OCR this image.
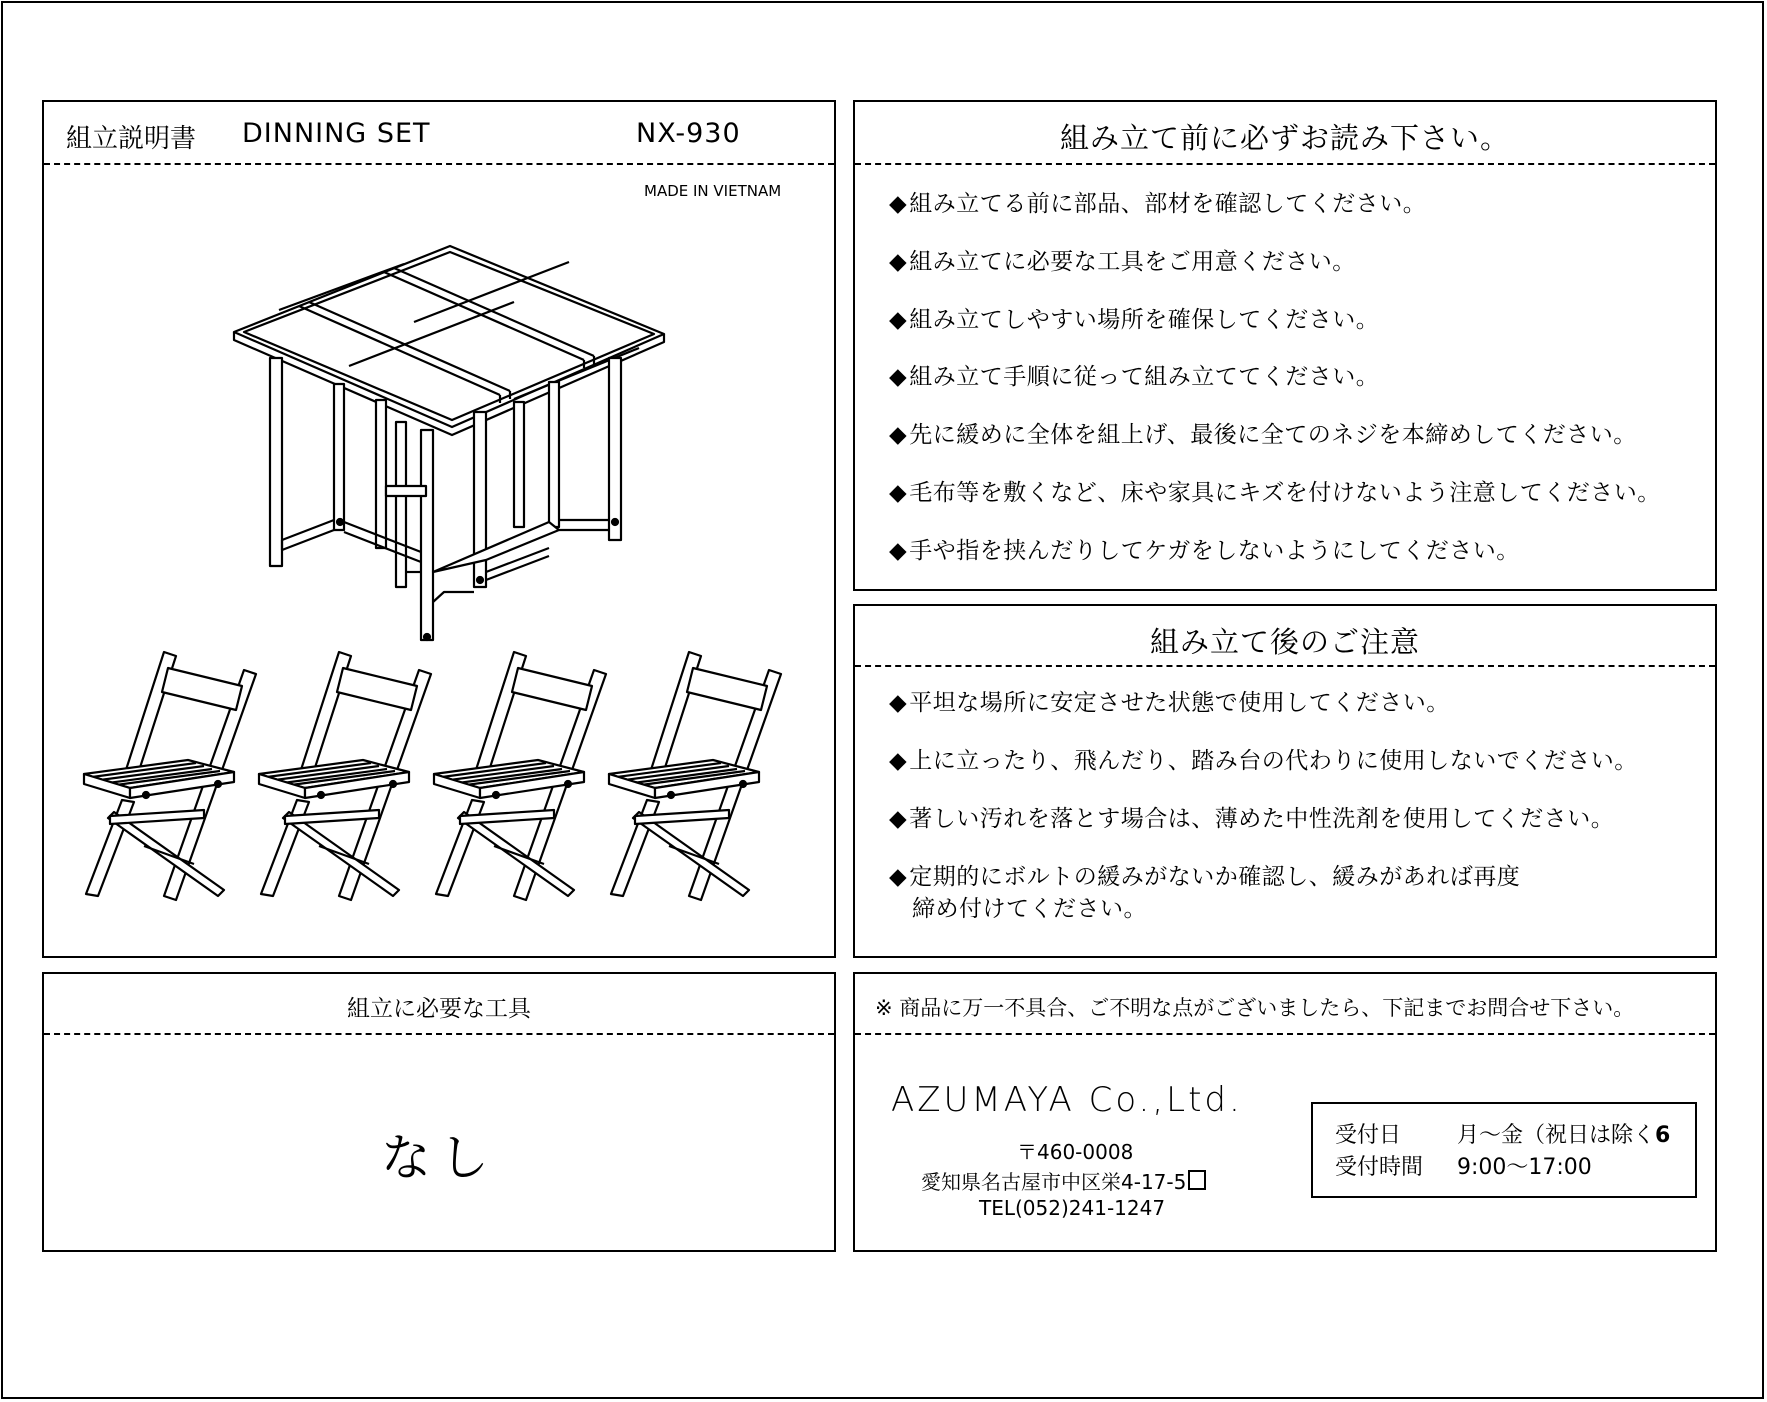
組立説明書 DINNING SET	NX-930
MADE IN VIETNAM
組み立て前に必ずお読み下さい。
◆組み立てる前に部品、部材を確認してください。
◆組み立てに必要な工具をご用意ください。
◆組み立てしやすい場所を確保してください。
◆組み立て手順に従って組み立ててください。
◆先に緩めに全体を組上げ、最後に全てのネジを本締めしてください。
◆毛布等を敷くなど、床や家具にキズを付けないよう注意してください。
◆手や指を挟んだりしてケガをしないようにしてください。
組み立て後のご注意
◆平坦な場所に安定させた状態で使用してください。
◆上に立ったり、飛んだり、踏み台の代わりに使用しないでください。
◆著しい汚れを落とす場合は、薄めた中性洗剤を使用してください。
◆定期的にボルトの緩みがないか確認し、緩みがあれば再度
締め付けてください。
組立に必要な工具
なし
※ 商品に万一不具合、ご不明な点がございましたら、下記までお問合せ下さい。
AZUMAYA Co.,Ltd.
〒460-0008
愛知県名古屋市中区栄4-17-5
TEL(052)241-1247
受付日	月～金（祝日は除く6
受付時間 9:00～17:00
